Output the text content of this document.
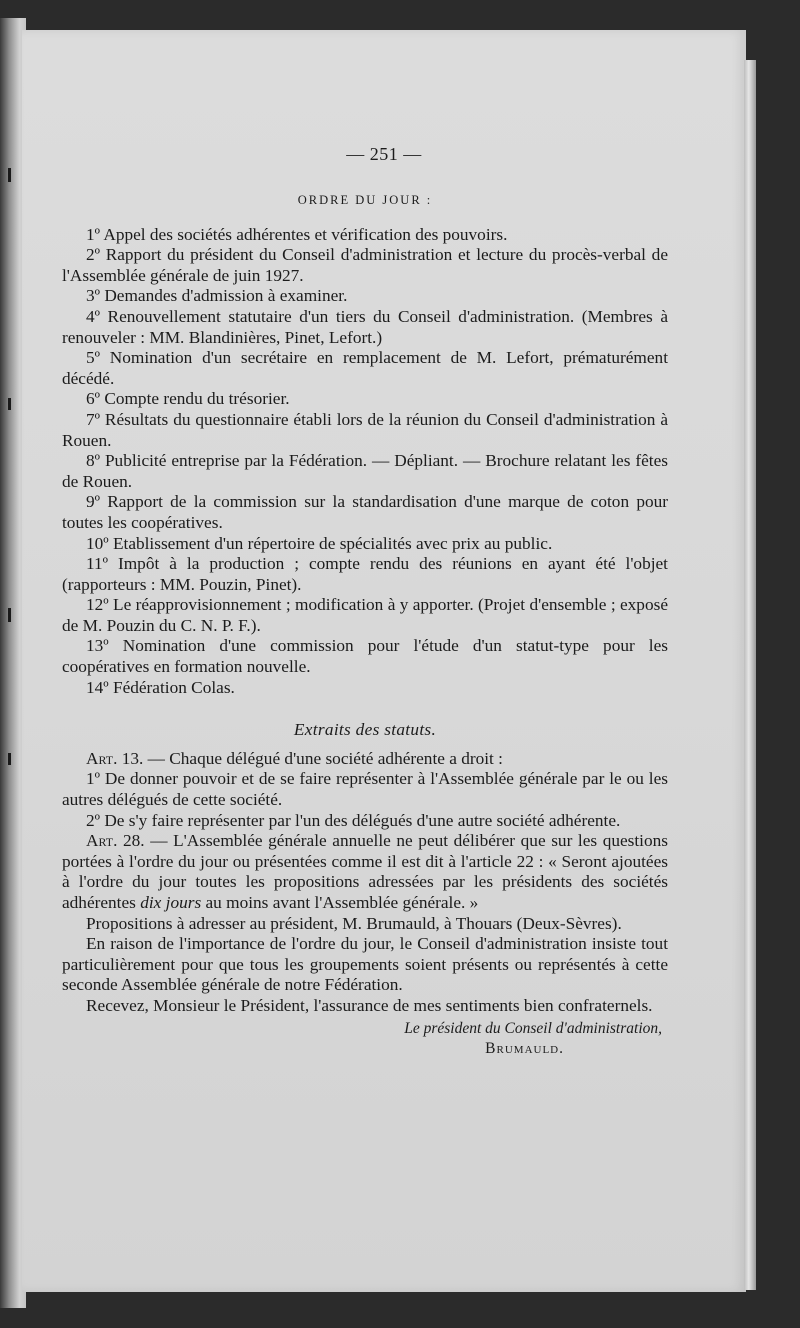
— 251 —
ORDRE DU JOUR :

1º Appel des sociétés adhérentes et vérification des pouvoirs.

2º Rapport du président du Conseil d'administration et lecture du procès-verbal de l'Assemblée générale de juin 1927.

3º Demandes d'admission à examiner.

4º Renouvellement statutaire d'un tiers du Conseil d'administration. (Membres à renouveler : MM. Blandinières, Pinet, Lefort.)

5º Nomination d'un secrétaire en remplacement de M. Lefort, prématurément décédé.

6º Compte rendu du trésorier.

7º Résultats du questionnaire établi lors de la réunion du Conseil d'administration à Rouen.

8º Publicité entreprise par la Fédération. — Dépliant. — Brochure relatant les fêtes de Rouen.

9º Rapport de la commission sur la standardisation d'une marque de coton pour toutes les coopératives.

10º Etablissement d'un répertoire de spécialités avec prix au public.

11º Impôt à la production ; compte rendu des réunions en ayant été l'objet (rapporteurs : MM. Pouzin, Pinet).

12º Le réapprovisionnement ; modification à y apporter. (Projet d'ensemble ; exposé de M. Pouzin du C. N. P. F.).

13º Nomination d'une commission pour l'étude d'un statut-type pour les coopératives en formation nouvelle.

14º Fédération Colas.

Extraits des statuts.

Art. 13. — Chaque délégué d'une société adhérente a droit :

1º De donner pouvoir et de se faire représenter à l'Assemblée générale par le ou les autres délégués de cette société.

2º De s'y faire représenter par l'un des délégués d'une autre société adhérente.

Art. 28. — L'Assemblée générale annuelle ne peut délibérer que sur les questions portées à l'ordre du jour ou présentées comme il est dit à l'article 22 : « Seront ajoutées à l'ordre du jour toutes les propositions adressées par les présidents des sociétés adhérentes dix jours au moins avant l'Assemblée générale. »

Propositions à adresser au président, M. Brumauld, à Thouars (Deux-Sèvres).

En raison de l'importance de l'ordre du jour, le Conseil d'administration insiste tout particulièrement pour que tous les groupements soient présents ou représentés à cette seconde Assemblée générale de notre Fédération.

Recevez, Monsieur le Président, l'assurance de mes sentiments bien confraternels.

Le président du Conseil d'administration,
Brumauld.
